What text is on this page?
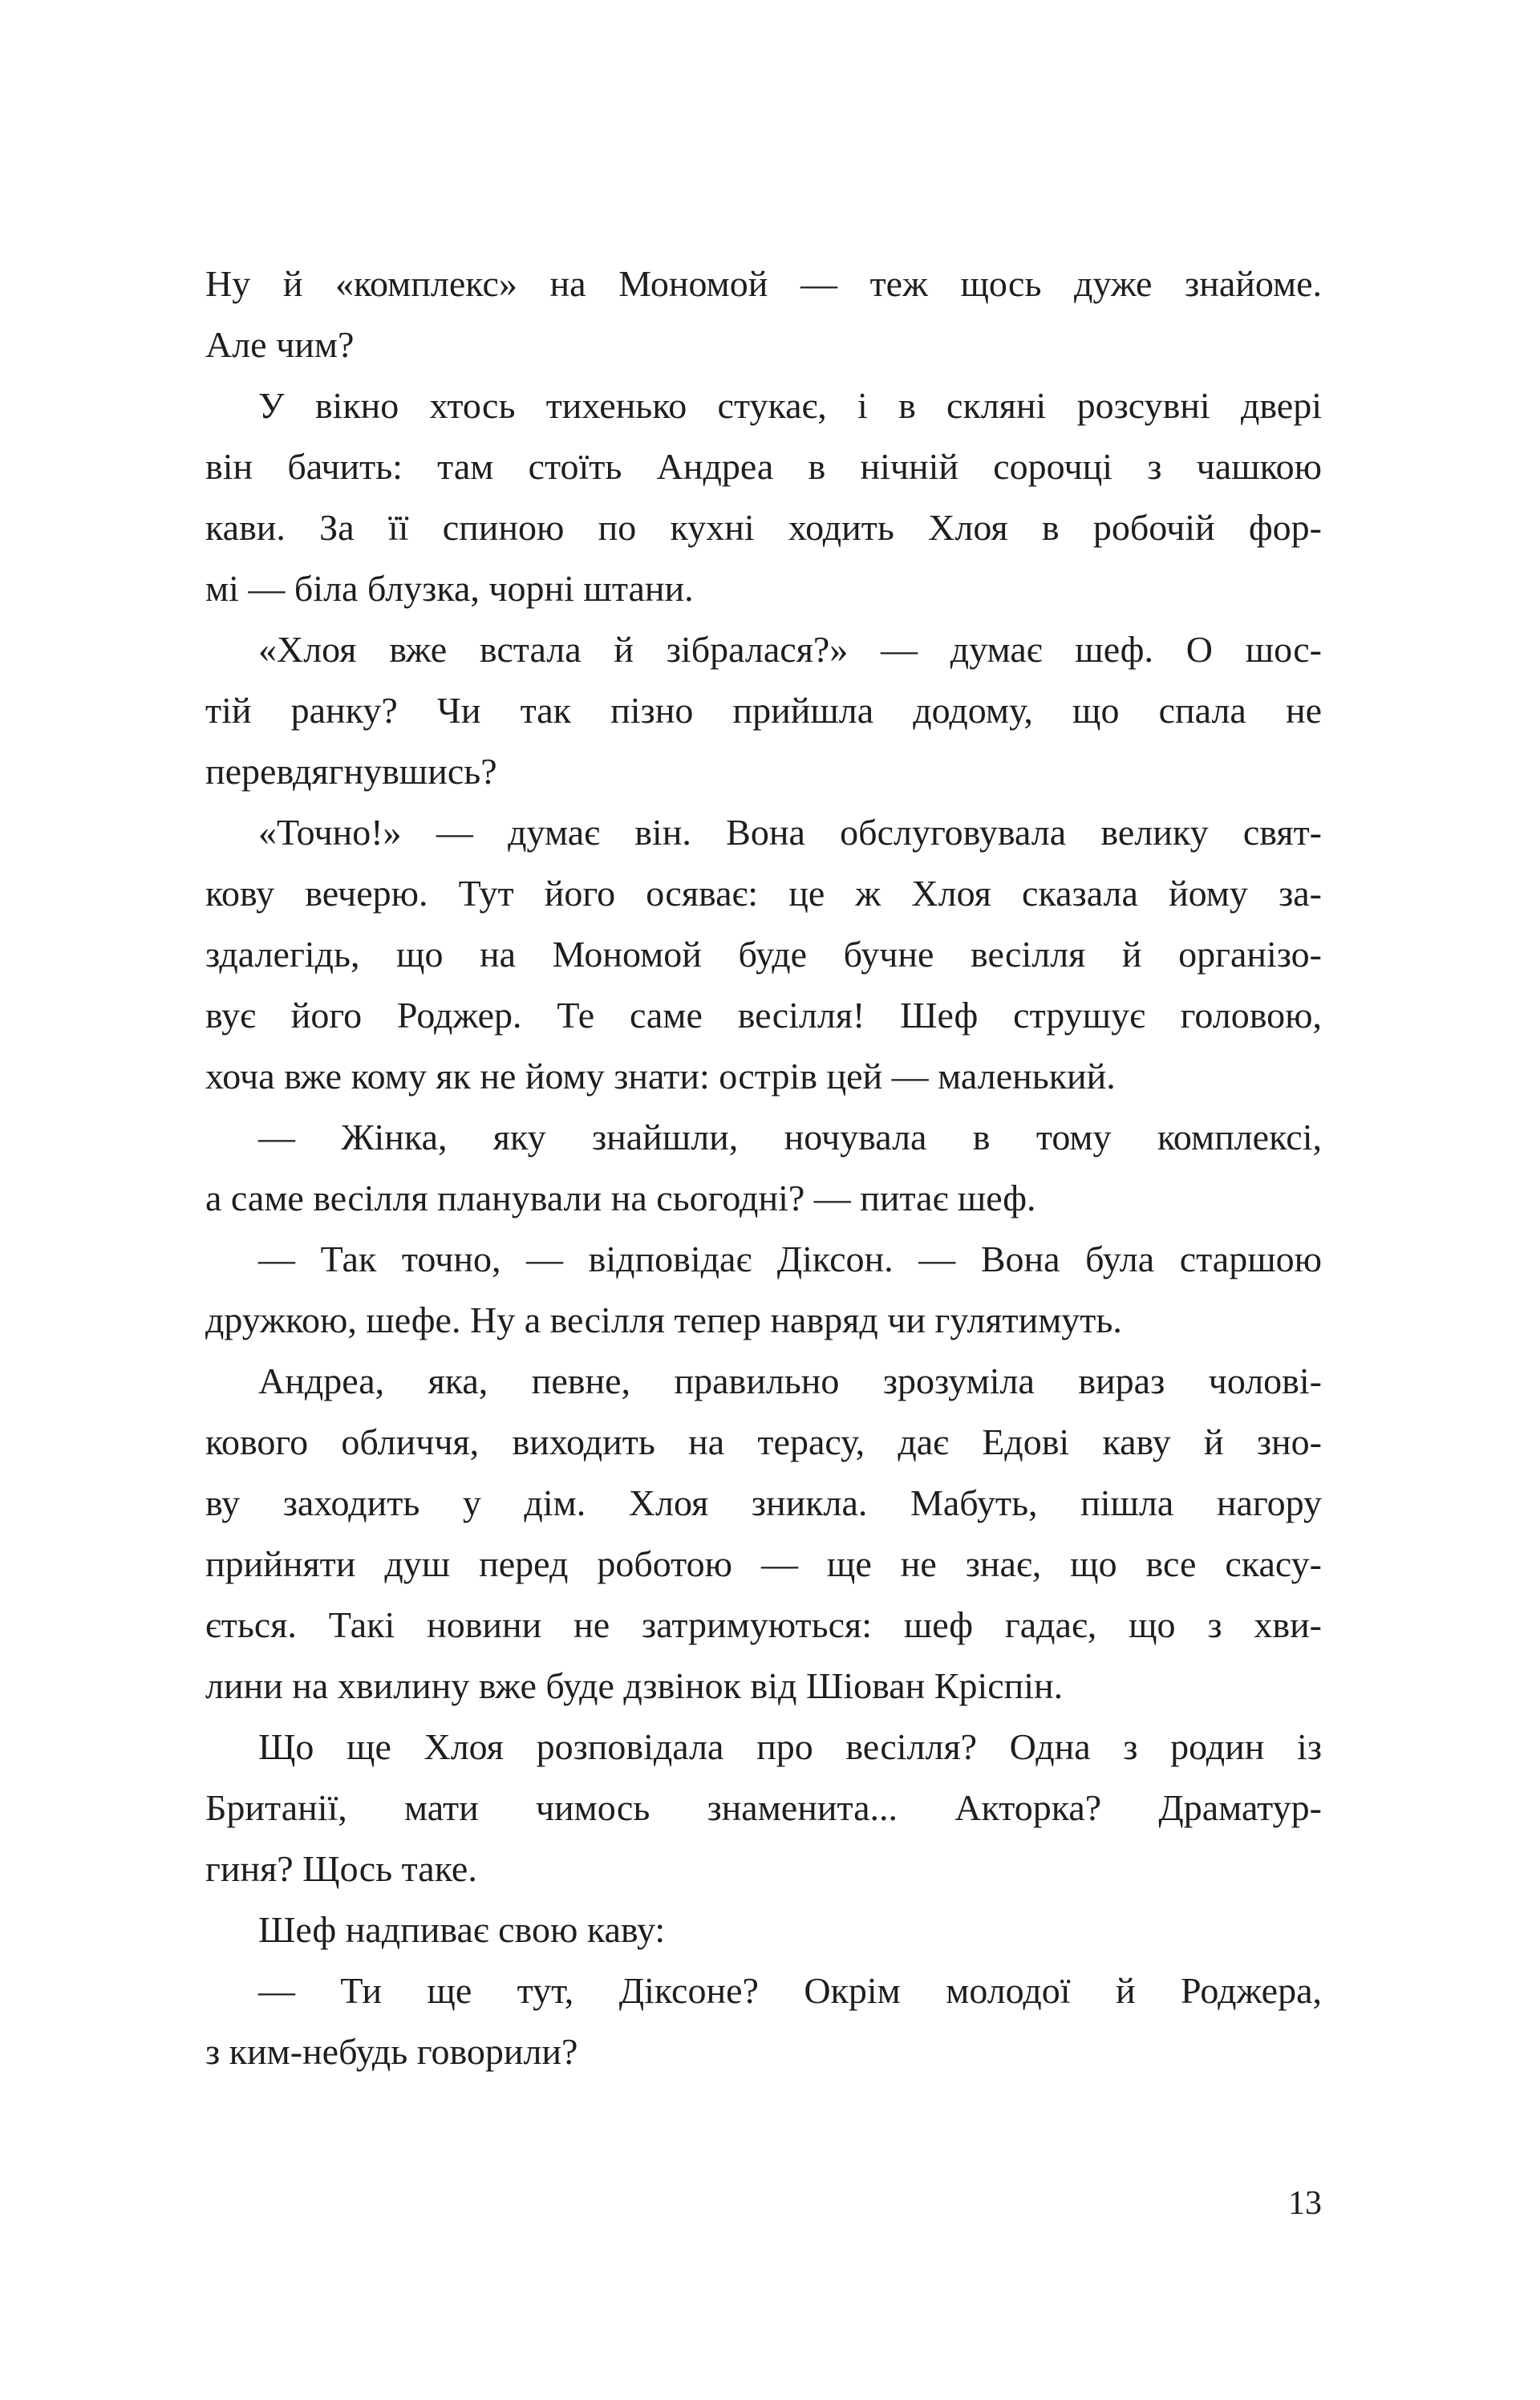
Ну й «комплекс» на Мономой — теж щось дуже знайоме.
Але чим?
У вікно хтось тихенько стукає, і в скляні розсувні двері
він бачить: там стоїть Андреа в нічній сорочці з чашкою
кави. За її спиною по кухні ходить Хлоя в робочій фор-
мі — біла блузка, чорні штани.
«Хлоя вже встала й зібралася?» — думає шеф. О шос-
тій ранку? Чи так пізно прийшла додому, що спала не
перевдягнувшись?
«Точно!» — думає він. Вона обслуговувала велику свят-
кову вечерю. Тут його осяває: це ж Хлоя сказала йому за-
здалегідь, що на Мономой буде бучне весілля й організо-
вує його Роджер. Те саме весілля! Шеф струшує головою,
хоча вже кому як не йому знати: острів цей — маленький.
— Жінка, яку знайшли, ночувала в тому комплексі,
а саме весілля планували на сьогодні? — питає шеф.
— Так точно, — відповідає Діксон. — Вона була старшою
дружкою, шефе. Ну а весілля тепер навряд чи гулятимуть.
Андреа, яка, певне, правильно зрозуміла вираз чолові-
кового обличчя, виходить на терасу, дає Едові каву й зно-
ву заходить у дім. Хлоя зникла. Мабуть, пішла нагору
прийняти душ перед роботою — ще не знає, що все скасу-
ється. Такі новини не затримуються: шеф гадає, що з хви-
лини на хвилину вже буде дзвінок від Шіован Кріспін.
Що ще Хлоя розповідала про весілля? Одна з родин із
Британії, мати чимось знаменита... Акторка? Драматур-
гиня? Щось таке.
Шеф надпиває свою каву:
— Ти ще тут, Діксоне? Окрім молодої й Роджера,
з ким-небудь говорили?
13
